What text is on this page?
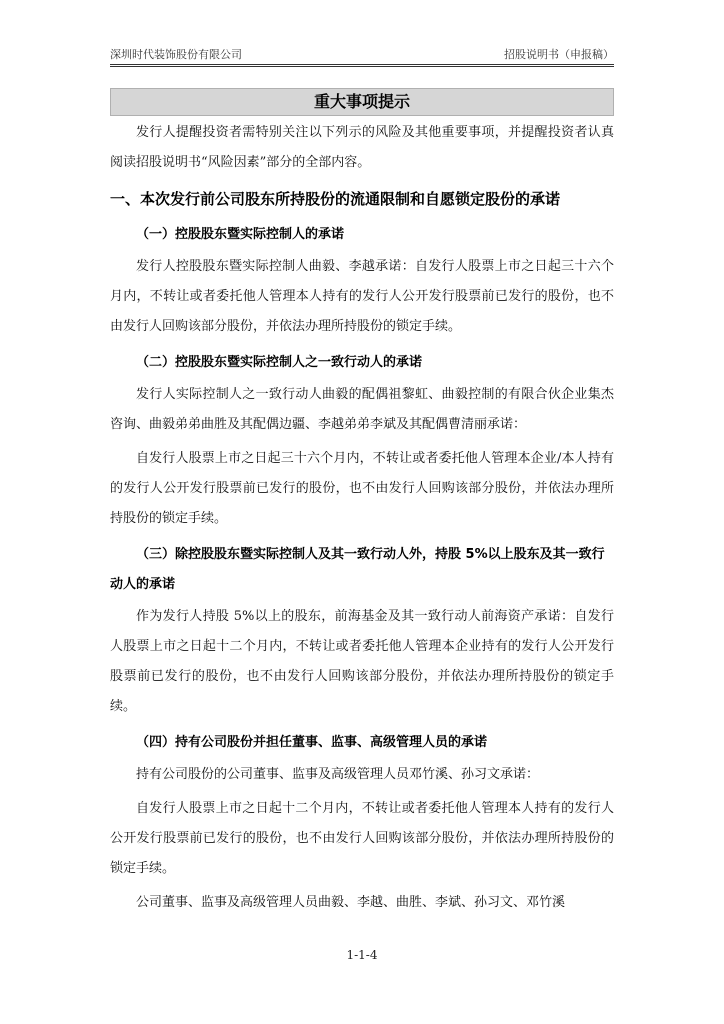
深圳时代装饰股份有限公司	招股说明书（申报稿）
重大事项提示

发行人提醒投资者需特别关注以下列示的风险及其他重要事项，并提醒投资者认真阅读招股说明书“风险因素”部分的全部内容。

一、本次发行前公司股东所持股份的流通限制和自愿锁定股份的承诺
（一）控股股东暨实际控制人的承诺

发行人控股股东暨实际控制人曲毅、李越承诺：自发行人股票上市之日起三十六个月内，不转让或者委托他人管理本人持有的发行人公开发行股票前已发行的股份，也不由发行人回购该部分股份，并依法办理所持股份的锁定手续。

（二）控股股东暨实际控制人之一致行动人的承诺

发行人实际控制人之一致行动人曲毅的配偶祖黎虹、曲毅控制的有限合伙企业集杰咨询、曲毅弟弟曲胜及其配偶边疆、李越弟弟李斌及其配偶曹清丽承诺：

自发行人股票上市之日起三十六个月内，不转让或者委托他人管理本企业/本人持有的发行人公开发行股票前已发行的股份，也不由发行人回购该部分股份，并依法办理所持股份的锁定手续。

（三）除控股股东暨实际控制人及其一致行动人外，持股 5%以上股东及其一致行动人的承诺

作为发行人持股 5%以上的股东，前海基金及其一致行动人前海资产承诺：自发行人股票上市之日起十二个月内，不转让或者委托他人管理本企业持有的发行人公开发行股票前已发行的股份，也不由发行人回购该部分股份，并依法办理所持股份的锁定手续。

（四）持有公司股份并担任董事、监事、高级管理人员的承诺

持有公司股份的公司董事、监事及高级管理人员邓竹溪、孙习文承诺：

自发行人股票上市之日起十二个月内，不转让或者委托他人管理本人持有的发行人公开发行股票前已发行的股份，也不由发行人回购该部分股份，并依法办理所持股份的锁定手续。

公司董事、监事及高级管理人员曲毅、李越、曲胜、李斌、孙习文、邓竹溪

1-1-4
